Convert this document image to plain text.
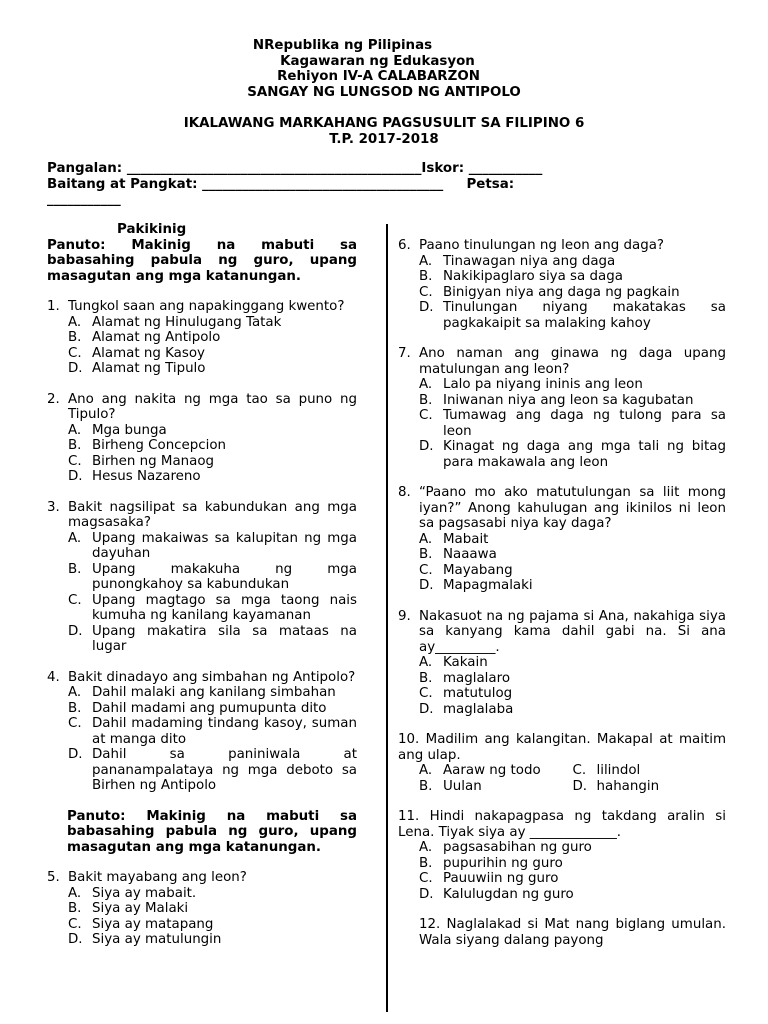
NRepublika ng Pilipinas
Kagawaran ng Edukasyon
Rehiyon IV-A CALABARZON
SANGAY NG LUNGSOD NG ANTIPOLO
IKALAWANG MARKAHANG PAGSUSULIT SA FILIPINO 6
T.P. 2017-2018
Pangalan: ____________________________________________Iskor: ___________
Baitang at Pangkat: ____________________________________     Petsa:
___________
Pakikinig
Panuto: Makinig na mabuti sa babasahing pabula ng guro, upang masagutan ang mga katanungan.
1. Tungkol saan ang napakinggang kwento?
A. Alamat ng Hinulugang Tatak
B. Alamat ng Antipolo
C. Alamat ng Kasoy
D. Alamat ng Tipulo
2. Ano ang nakita ng mga tao sa puno ng Tipulo?
A. Mga bunga
B. Birheng Concepcion
C. Birhen ng Manaog
D. Hesus Nazareno
3. Bakit nagsilipat sa kabundukan ang mga magsasaka?
A. Upang makaiwas sa kalupitan ng mga dayuhan
B. Upang makakuha ng mga punongkahoy sa kabundukan
C. Upang magtago sa mga taong nais kumuha ng kanilang kayamanan
D. Upang makatira sila sa mataas na lugar
4. Bakit dinadayo ang simbahan ng Antipolo?
A. Dahil malaki ang kanilang simbahan
B. Dahil madami ang pumupunta dito
C. Dahil madaming tindang kasoy, suman at manga dito
D. Dahil sa paniniwala at pananampalataya ng mga deboto sa Birhen ng Antipolo
Panuto: Makinig na mabuti sa babasahing pabula ng guro, upang masagutan ang mga katanungan.
5. Bakit mayabang ang leon?
A. Siya ay mabait.
B. Siya ay Malaki
C. Siya ay matapang
D. Siya ay matulungin
6. Paano tinulungan ng leon ang daga?
A. Tinawagan niya ang daga
B. Nakikipaglaro siya sa daga
C. Binigyan niya ang daga ng pagkain
D. Tinulungan niyang makatakas sa pagkakaipit sa malaking kahoy
7. Ano naman ang ginawa ng daga upang matulungan ang leon?
A. Lalo pa niyang ininis ang leon
B. Iniwanan niya ang leon sa kagubatan
C. Tumawag ang daga ng tulong para sa leon
D. Kinagat ng daga ang mga tali ng bitag para makawala ang leon
8. “Paano mo ako matutulungan sa liit mong iyan?” Anong kahulugan ang ikinilos ni leon sa pagsasabi niya kay daga?
A. Mabait
B. Naaawa
C. Mayabang
D. Mapagmalaki
9. Nakasuot na ng pajama si Ana, nakahiga siya sa kanyang kama dahil gabi na. Si ana ay_________.
A. Kakain
B. maglalaro
C. matutulog
D. maglalaba
10. Madilim ang kalangitan. Makapal at maitim ang ulap.
A. Aaraw ng todo C. lilindol
B. Uulan	D. hahangin
11. Hindi nakapagpasa ng takdang aralin si Lena. Tiyak siya ay _____________.
A. pagsasabihan ng guro
B. pupurihin ng guro
C. Pauuwiin ng guro
D. Kalulugdan ng guro
12. Naglalakad si Mat nang biglang umulan. Wala siyang dalang payong
